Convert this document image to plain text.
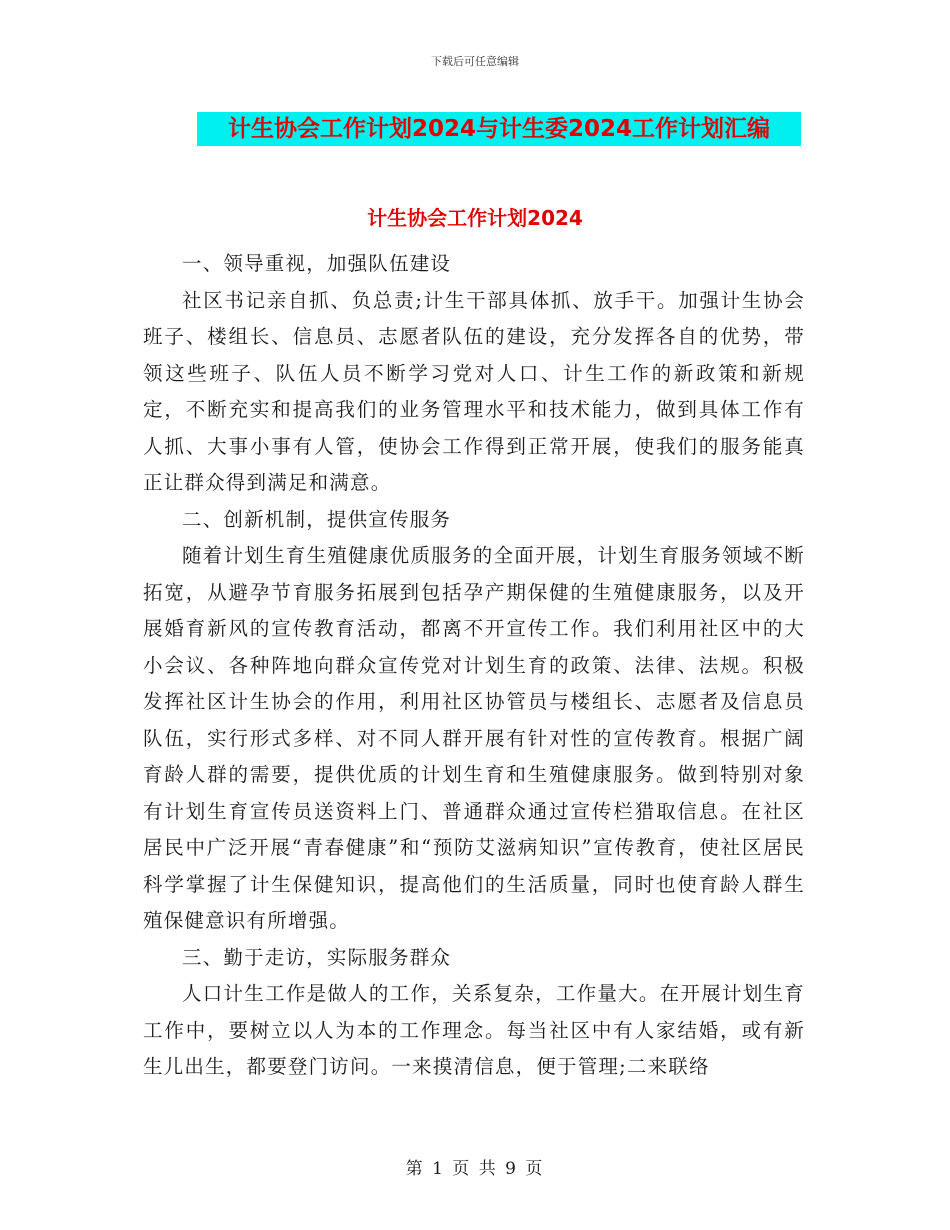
下载后可任意编辑
计生协会工作计划2024与计生委2024工作计划汇编
计生协会工作计划2024

一、领导重视，加强队伍建设

社区书记亲自抓、负总责;计生干部具体抓、放手干。加强计生协会班子、楼组长、信息员、志愿者队伍的建设，充分发挥各自的优势，带领这些班子、队伍人员不断学习党对人口、计生工作的新政策和新规定，不断充实和提高我们的业务管理水平和技术能力，做到具体工作有人抓、大事小事有人管，使协会工作得到正常开展，使我们的服务能真正让群众得到满足和满意。

二、创新机制，提供宣传服务

随着计划生育生殖健康优质服务的全面开展，计划生育服务领域不断拓宽，从避孕节育服务拓展到包括孕产期保健的生殖健康服务，以及开展婚育新风的宣传教育活动，都离不开宣传工作。我们利用社区中的大小会议、各种阵地向群众宣传党对计划生育的政策、法律、法规。积极发挥社区计生协会的作用，利用社区协管员与楼组长、志愿者及信息员队伍，实行形式多样、对不同人群开展有针对性的宣传教育。根据广阔育龄人群的需要，提供优质的计划生育和生殖健康服务。做到特别对象有计划生育宣传员送资料上门、普通群众通过宣传栏猎取信息。在社区居民中广泛开展“青春健康”和“预防艾滋病知识”宣传教育，使社区居民科学掌握了计生保健知识，提高他们的生活质量，同时也使育龄人群生殖保健意识有所增强。

三、勤于走访，实际服务群众

人口计生工作是做人的工作，关系复杂，工作量大。在开展计划生育工作中，要树立以人为本的工作理念。每当社区中有人家结婚，或有新生儿出生，都要登门访问。一来摸清信息，便于管理;二来联络

第 1 页 共 9 页
